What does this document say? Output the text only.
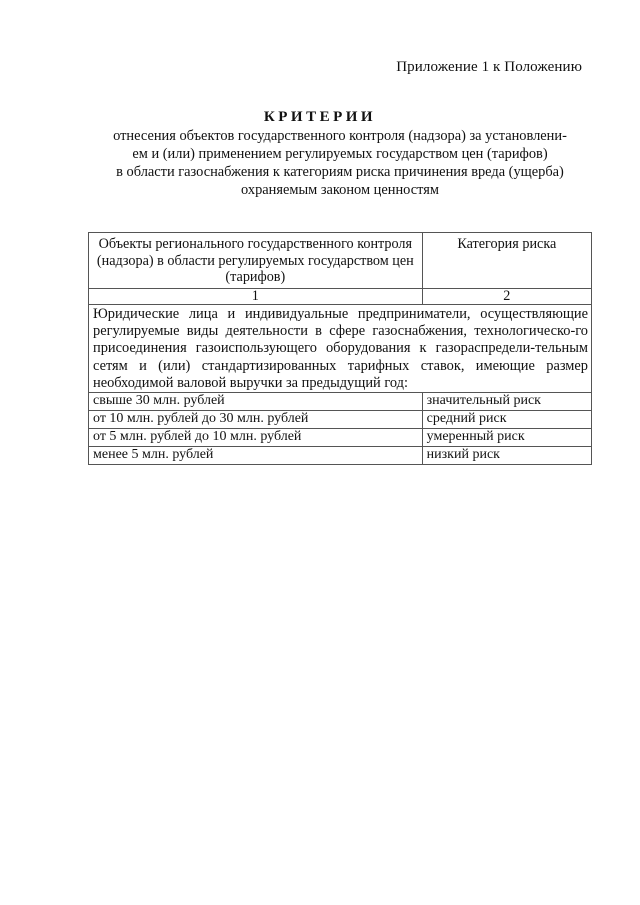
Приложение 1 к Положению
КРИТЕРИИ
отнесения объектов государственного контроля (надзора) за установлени-
ем и (или) применением регулируемых государством цен (тарифов)
в области газоснабжения к категориям риска причинения вреда (ущерба)
охраняемым законом ценностям
Объекты регионального государственного контроля (надзора) в области регулируемых государством цен (тарифов)	Категория риска
1	2
Юридические лица и индивидуальные предприниматели, осуществляющие регулируемые виды деятельности в сфере газоснабжения, технологическо-го присоединения газоиспользующего оборудования к газораспредели-тельным сетям и (или) стандартизированных тарифных ставок, имеющие размер необходимой валовой выручки за предыдущий год:	
свыше 30 млн. рублей	значительный риск
от 10 млн. рублей до 30 млн. рублей	средний риск
от 5 млн. рублей до 10 млн. рублей	умеренный риск
менее 5 млн. рублей	низкий риск
